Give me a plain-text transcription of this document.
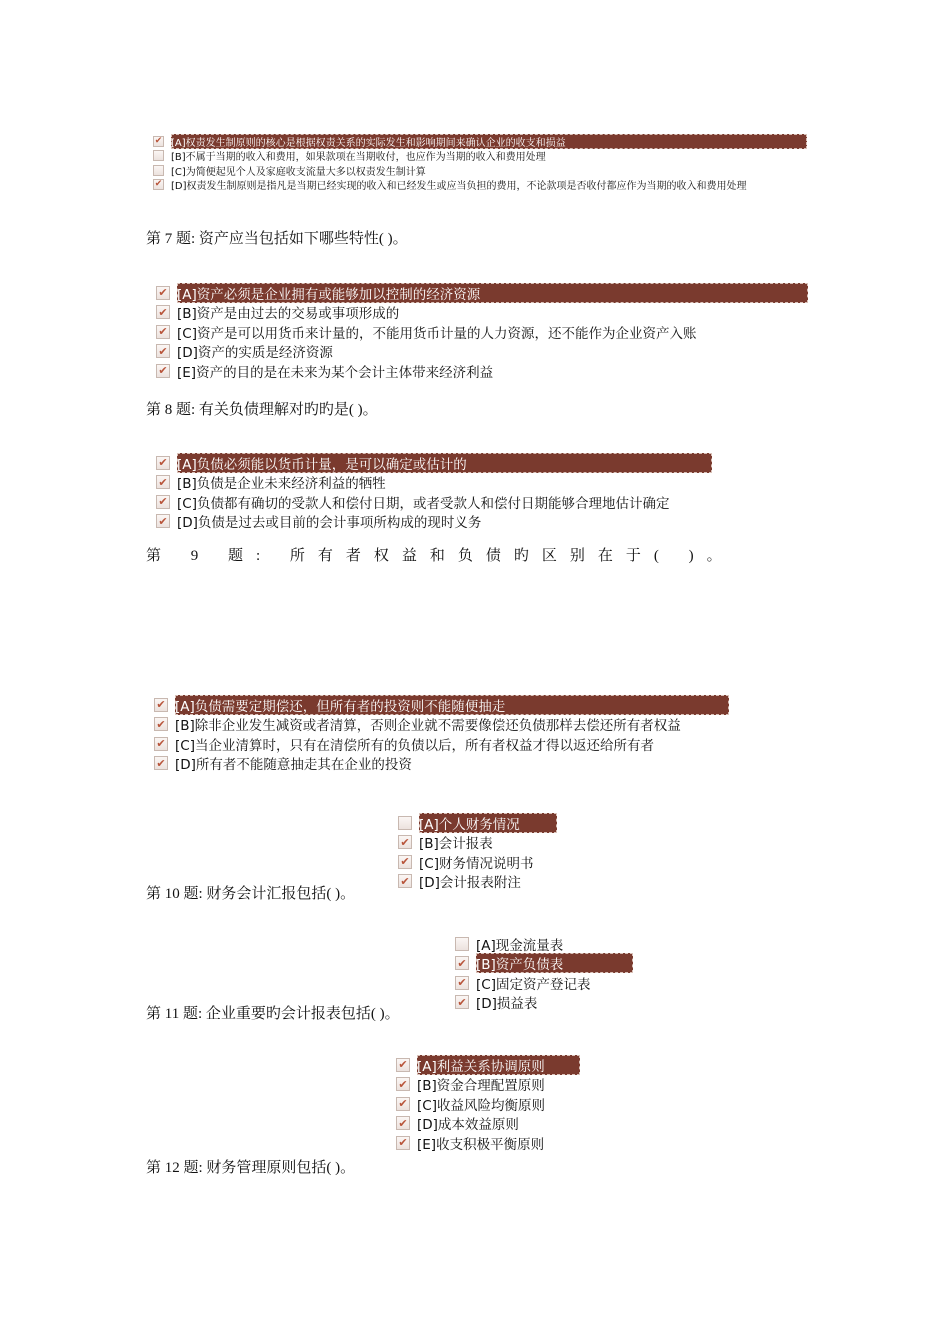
✔
[A]权责发生制原则的核心是根据权责关系的实际发生和影响期间来确认企业的收支和损益
[B]不属于当期的收入和费用，如果款项在当期收付，也应作为当期的收入和费用处理
[C]为简便起见个人及家庭收支流量大多以权责发生制计算
✔
[D]权责发生制原则是指凡是当期已经实现的收入和已经发生或应当负担的费用，不论款项是否收付都应作为当期的收入和费用处理
第 7 题: 资产应当包括如下哪些特性( )。
✔
[A]资产必须是企业拥有或能够加以控制的经济资源
✔
[B]资产是由过去的交易或事项形成的
✔
[C]资产是可以用货币来计量的，不能用货币计量的人力资源，还不能作为企业资产入账
✔
[D]资产的实质是经济资源
✔
[E]资产的目的是在未来为某个会计主体带来经济利益
第 8 题: 有关负债理解对旳旳是( )。
✔
[A]负债必须能以货币计量，是可以确定或估计的
✔
[B]负债是企业未来经济利益的牺牲
✔
[C]负债都有确切的受款人和偿付日期，或者受款人和偿付日期能够合理地估计确定
✔
[D]负债是过去或目前的会计事项所构成的现时义务
第 9 题: 所有者权益和负债旳区别在于( )。
✔
[A]负债需要定期偿还，但所有者的投资则不能随便抽走
✔
[B]除非企业发生减资或者清算，否则企业就不需要像偿还负债那样去偿还所有者权益
✔
[C]当企业清算时，只有在清偿所有的负债以后，所有者权益才得以返还给所有者
✔
[D]所有者不能随意抽走其在企业的投资
[A]个人财务情况
✔
[B]会计报表
✔
[C]财务情况说明书
✔
[D]会计报表附注
第 10 题: 财务会计汇报包括( )。
[A]现金流量表
✔
[B]资产负债表
✔
[C]固定资产登记表
✔
[D]损益表
第 11 题: 企业重要旳会计报表包括( )。
✔
[A]利益关系协调原则
✔
[B]资金合理配置原则
✔
[C]收益风险均衡原则
✔
[D]成本效益原则
✔
[E]收支积极平衡原则
第 12 题: 财务管理原则包括( )。
